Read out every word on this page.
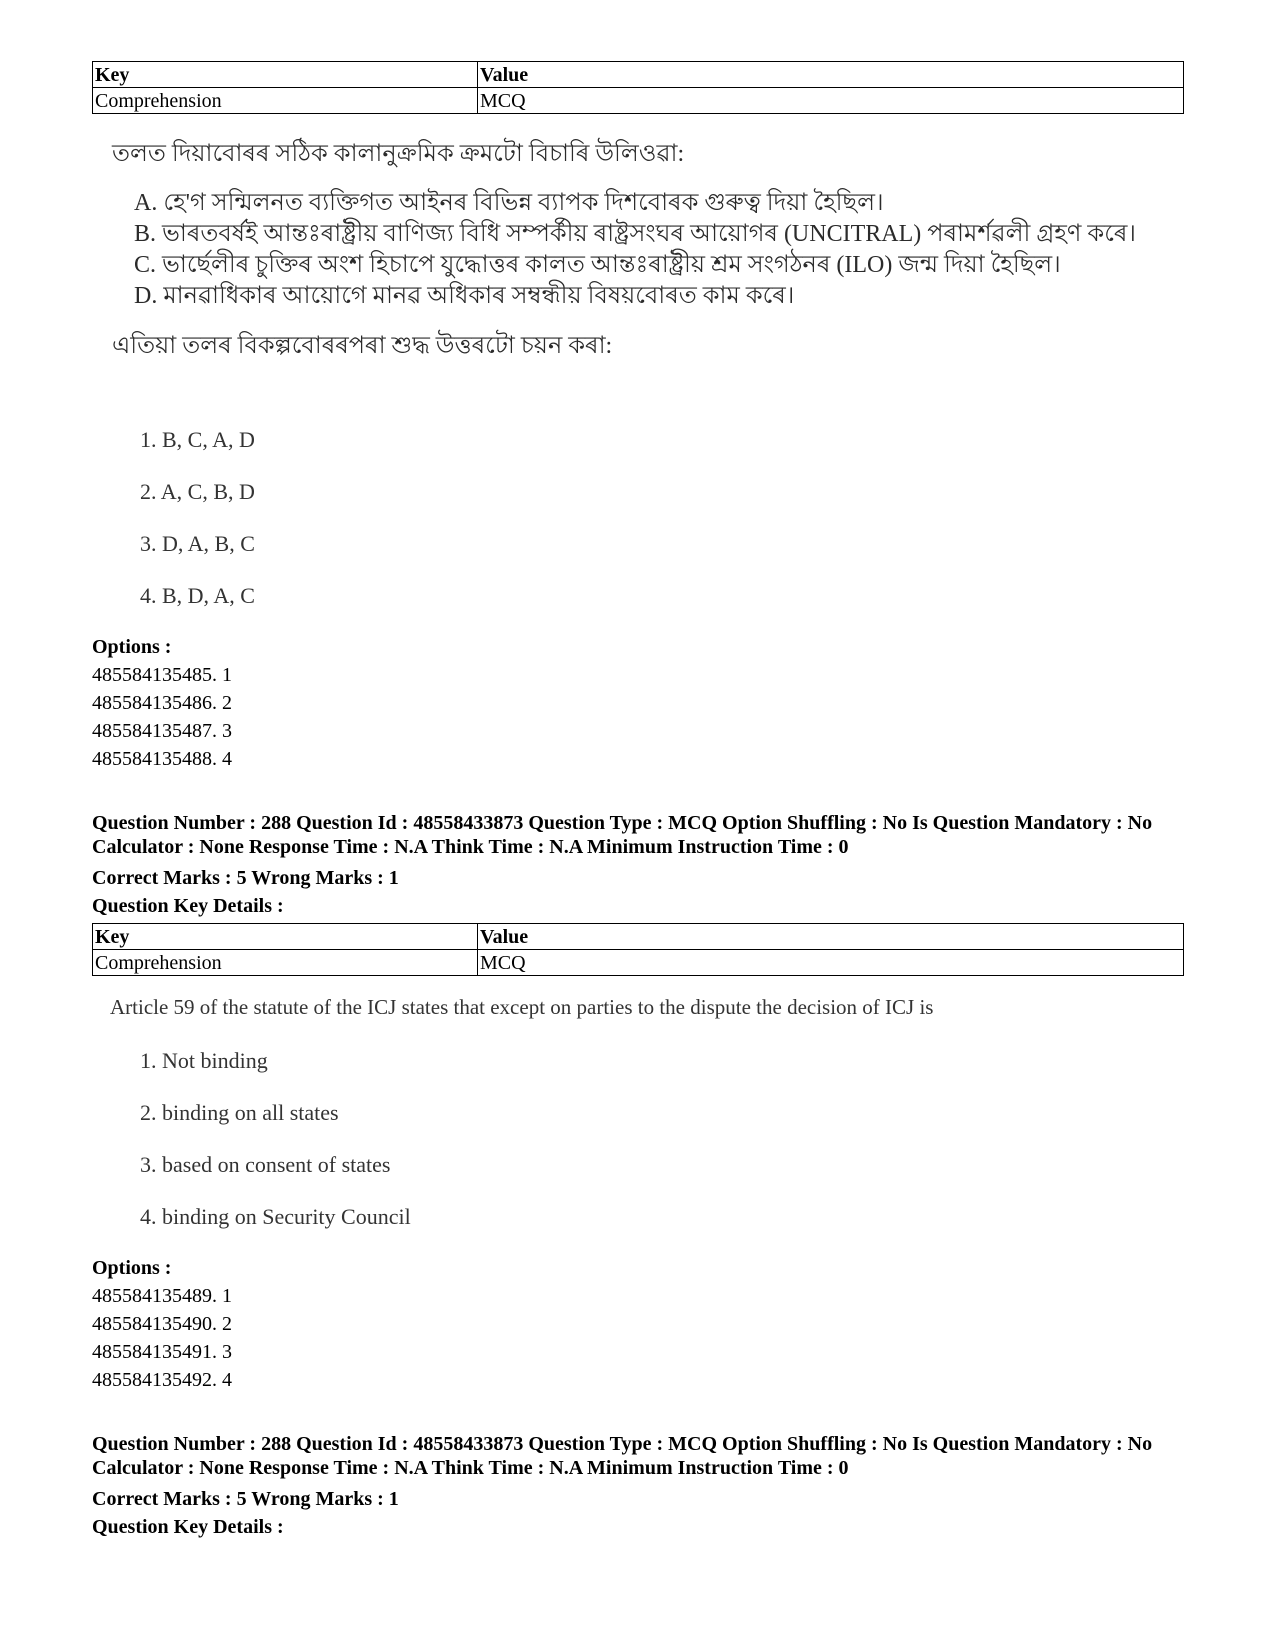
Key	Value
Comprehension	MCQ

তলত দিয়াবোৰৰ সঠিক কালানুক্ৰমিক ক্ৰমটো বিচাৰি উলিওৱা:

A. হে'গ সন্মিলনত ব্যক্তিগত আইনৰ বিভিন্ন ব্যাপক দিশবোৰক গুৰুত্ব দিয়া হৈছিল।

B. ভাৰতবৰ্ষই আন্তঃৰাষ্ট্ৰীয় বাণিজ্য বিধি সম্পৰ্কীয় ৰাষ্ট্ৰসংঘৰ আয়োগৰ (UNCITRAL) পৰামৰ্শৱলী গ্ৰহণ কৰে।

C. ভাৰ্ছেলীৰ চুক্তিৰ অংশ হিচাপে যুদ্ধোত্তৰ কালত আন্তঃৰাষ্ট্ৰীয় শ্ৰম সংগঠনৰ (ILO) জন্ম দিয়া হৈছিল।

D. মানৱাধিকাৰ আয়োগে মানৱ অধিকাৰ সম্বন্ধীয় বিষয়বোৰত কাম কৰে।

এতিয়া তলৰ বিকল্পবোৰৰপৰা শুদ্ধ উত্তৰটো চয়ন কৰা:

1. B, C, A, D
2. A, C, B, D
3. D, A, B, C
4. B, D, A, C
Options :
485584135485. 1
485584135486. 2
485584135487. 3
485584135488. 4
Question Number : 288 Question Id : 48558433873 Question Type : MCQ Option Shuffling : No Is Question Mandatory : No Calculator : None Response Time : N.A Think Time : N.A Minimum Instruction Time : 0
Correct Marks : 5 Wrong Marks : 1
Question Key Details :
Key	Value
Comprehension	MCQ
Article 59 of the statute of the ICJ states that except on parties to the dispute the decision of ICJ is
1. Not binding
2. binding on all states
3. based on consent of states
4. binding on Security Council
Options :
485584135489. 1
485584135490. 2
485584135491. 3
485584135492. 4
Question Number : 288 Question Id : 48558433873 Question Type : MCQ Option Shuffling : No Is Question Mandatory : No Calculator : None Response Time : N.A Think Time : N.A Minimum Instruction Time : 0
Correct Marks : 5 Wrong Marks : 1
Question Key Details :
